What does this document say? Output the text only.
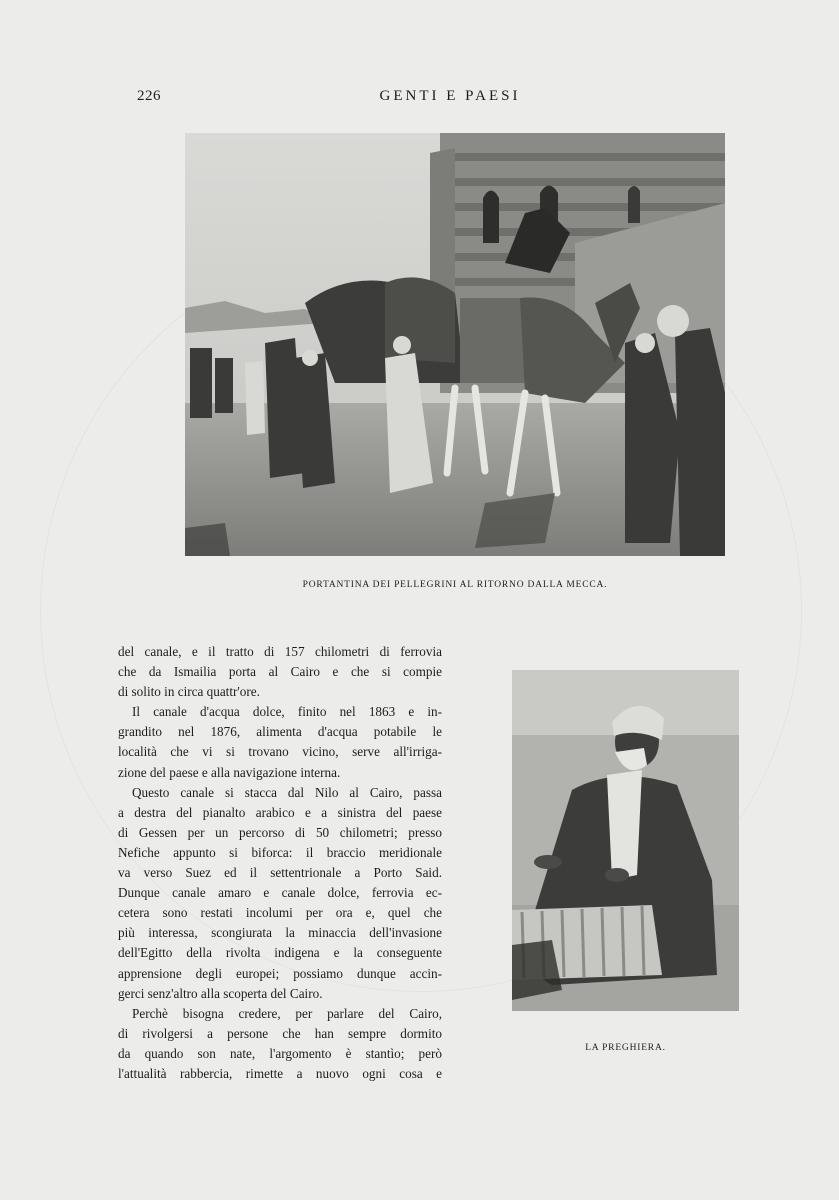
226	GENTI E PAESI
PORTANTINA DEI PELLEGRINI AL RITORNO DALLA MECCA.
LA PREGHIERA.
del canale, e il tratto di 157 chilometri di ferrovia
che da Ismailia porta al Cairo e che si compie
di solito in circa quattr'ore.
Il canale d'acqua dolce, finito nel 1863 e in-
grandito nel 1876, alimenta d'acqua potabile le
località che vi si trovano vicino, serve all'irriga-
zione del paese e alla navigazione interna.
Questo canale si stacca dal Nilo al Cairo, passa
a destra del pianalto arabico e a sinistra del paese
di Gessen per un percorso di 50 chilometri; presso
Nefiche appunto si biforca: il braccio meridionale
va verso Suez ed il settentrionale a Porto Said.
Dunque canale amaro e canale dolce, ferrovia ec-
cetera sono restati incolumi per ora e, quel che
più interessa, scongiurata la minaccia dell'invasione
dell'Egitto della rivolta indigena e la conseguente
apprensione degli europei; possiamo dunque accin-
gerci senz'altro alla scoperta del Cairo.
Perchè bisogna credere, per parlare del Cairo,
di rivolgersi a persone che han sempre dormito
da quando son nate, l'argomento è stantìo; però
l'attualità rabbercia, rimette a nuovo ogni cosa e
